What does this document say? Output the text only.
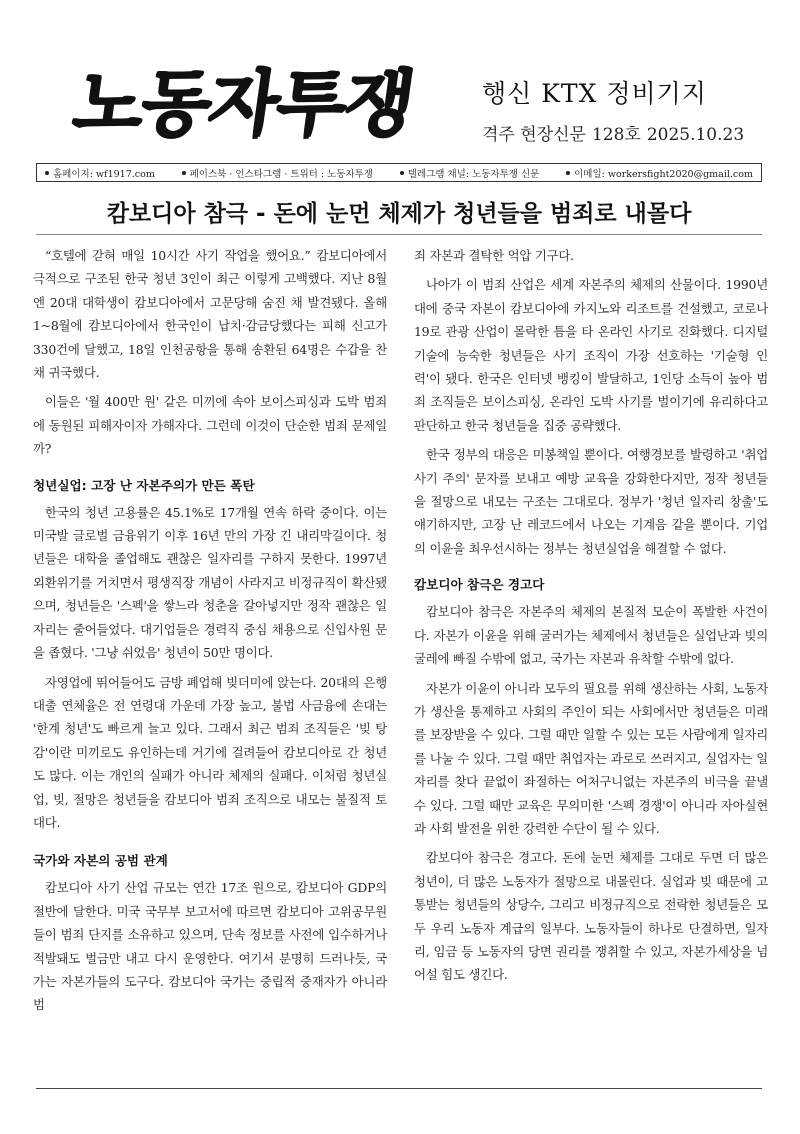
노동자투쟁	행신 KTX 정비기지
격주 현장신문 128호 2025.10.23
홈페이지: wf1917.com	페이스북 · 인스타그램 · 트위터 : 노동자투쟁	텔레그램 채널: 노동자투쟁 신문	이메일: workersfight2020@gmail.com
캄보디아 참극 - 돈에 눈먼 체제가 청년들을 범죄로 내몰다

“호텔에 갇혀 매일 10시간 사기 작업을 했어요.” 캄보디아에서 극적으로 구조된 한국 청년 3인이 최근 이렇게 고백했다. 지난 8월엔 20대 대학생이 캄보디아에서 고문당해 숨진 채 발견됐다. 올해 1~8월에 캄보디아에서 한국인이 납치·감금당했다는 피해 신고가 330건에 달했고, 18일 인천공항을 통해 송환된 64명은 수갑을 찬 채 귀국했다.

이들은 '월 400만 원' 같은 미끼에 속아 보이스피싱과 도박 범죄에 동원된 피해자이자 가해자다. 그런데 이것이 단순한 범죄 문제일까?

청년실업: 고장 난 자본주의가 만든 폭탄

한국의 청년 고용률은 45.1%로 17개월 연속 하락 중이다. 이는 미국발 글로벌 금융위기 이후 16년 만의 가장 긴 내리막길이다. 청년들은 대학을 졸업해도 괜찮은 일자리를 구하지 못한다. 1997년 외환위기를 거치면서 평생직장 개념이 사라지고 비정규직이 확산됐으며, 청년들은 '스펙'을 쌓느라 청춘을 갈아넣지만 정작 괜찮은 일자리는 줄어들었다. 대기업들은 경력직 중심 채용으로 신입사원 문을 좁혔다. '그냥 쉬었음' 청년이 50만 명이다.

자영업에 뛰어들어도 금방 폐업해 빚더미에 앉는다. 20대의 은행 대출 연체율은 전 연령대 가운데 가장 높고, 불법 사금융에 손대는 '한계 청년'도 빠르게 늘고 있다. 그래서 최근 범죄 조직들은 '빚 탕감'이란 미끼로도 유인하는데 거기에 걸려들어 캄보디아로 간 청년도 많다. 이는 개인의 실패가 아니라 체제의 실패다. 이처럼 청년실업, 빚, 절망은 청년들을 캄보디아 범죄 조직으로 내모는 불질적 토대다.

국가와 자본의 공범 관계

캄보디아 사기 산업 규모는 연간 17조 원으로, 캄보디아 GDP의 절반에 달한다. 미국 국무부 보고서에 따르면 캄보디아 고위공무원들이 범죄 단지를 소유하고 있으며, 단속 정보를 사전에 입수하거나 적발돼도 벌금만 내고 다시 운영한다. 여기서 분명히 드러나듯, 국가는 자본가들의 도구다. 캄보디아 국가는 중립적 중재자가 아니라 범

죄 자본과 결탁한 억압 기구다.

나아가 이 범죄 산업은 세계 자본주의 체제의 산물이다. 1990년대에 중국 자본이 캄보디아에 카지노와 리조트를 건설했고, 코로나19로 관광 산업이 몰락한 틈을 타 온라인 사기로 진화했다. 디지털 기술에 능숙한 청년들은 사기 조직이 가장 선호하는 '기술형 인력'이 됐다. 한국은 인터넷 뱅킹이 발달하고, 1인당 소득이 높아 범죄 조직들은 보이스피싱, 온라인 도박 사기를 벌이기에 유리하다고 판단하고 한국 청년들을 집중 공략했다.

한국 정부의 대응은 미봉책일 뿐이다. 여행경보를 발령하고 '취업사기 주의' 문자를 보내고 예방 교육을 강화한다지만, 정작 청년들을 절망으로 내모는 구조는 그대로다. 정부가 '청년 일자리 창출'도 얘기하지만, 고장 난 레코드에서 나오는 기계음 같을 뿐이다. 기업의 이윤을 최우선시하는 정부는 청년실업을 해결할 수 없다.

캄보디아 참극은 경고다

캄보디아 참극은 자본주의 체제의 본질적 모순이 폭발한 사건이다. 자본가 이윤을 위해 굴러가는 체제에서 청년들은 실업난과 빚의 굴레에 빠질 수밖에 없고, 국가는 자본과 유착할 수밖에 없다.

자본가 이윤이 아니라 모두의 필요를 위해 생산하는 사회, 노동자가 생산을 통제하고 사회의 주인이 되는 사회에서만 청년들은 미래를 보장받을 수 있다. 그럴 때만 일할 수 있는 모든 사람에게 일자리를 나눌 수 있다. 그럴 때만 취업자는 과로로 쓰러지고, 실업자는 일자리를 찾다 끝없이 좌절하는 어처구니없는 자본주의 비극을 끝낼 수 있다. 그럴 때만 교육은 무의미한 '스펙 경쟁'이 아니라 자아실현과 사회 발전을 위한 강력한 수단이 될 수 있다.

캄보디아 참극은 경고다. 돈에 눈먼 체제를 그대로 두면 더 많은 청년이, 더 많은 노동자가 절망으로 내몰린다. 실업과 빚 때문에 고통받는 청년들의 상당수, 그리고 비정규직으로 전락한 청년들은 모두 우리 노동자 계급의 일부다. 노동자들이 하나로 단결하면, 일자리, 임금 등 노동자의 당면 권리를 쟁취할 수 있고, 자본가세상을 넘어설 힘도 생긴다.
